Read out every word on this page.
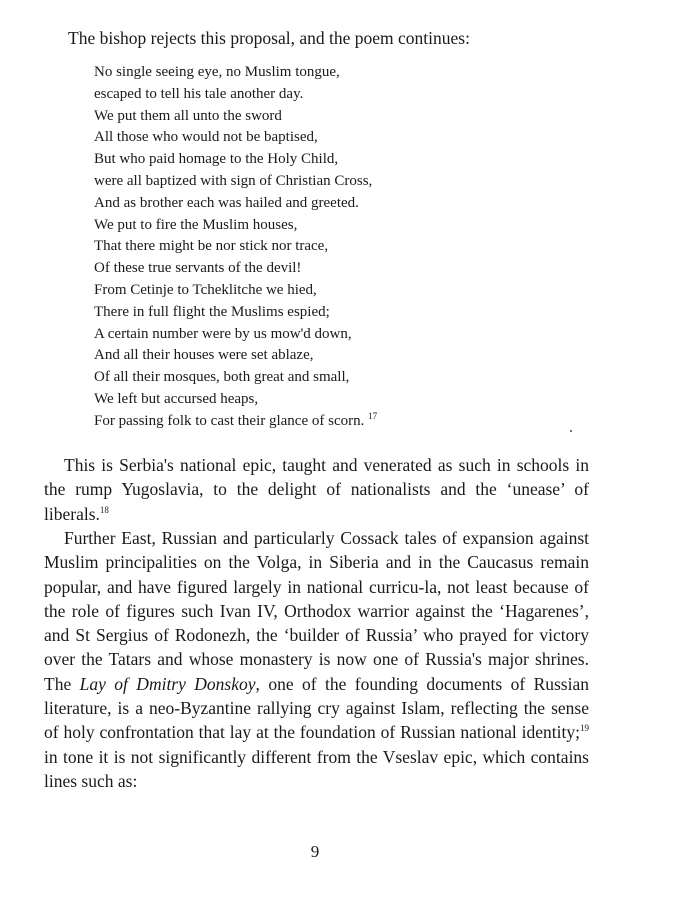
The bishop rejects this proposal, and the poem continues:
No single seeing eye, no Muslim tongue,
escaped to tell his tale another day.
We put them all unto the sword
All those who would not be baptised,
But who paid homage to the Holy Child,
were all baptized with sign of Christian Cross,
And as brother each was hailed and greeted.
We put to fire the Muslim houses,
That there might be nor stick nor trace,
Of these true servants of the devil!
From Cetinje to Tcheklitche we hied,
There in full flight the Muslims espied;
A certain number were by us mow'd down,
And all their houses were set ablaze,
Of all their mosques, both great and small,
We left but accursed heaps,
For passing folk to cast their glance of scorn. $^{17}$

This is Serbia's national epic, taught and venerated as such in schools in the rump Yugoslavia, to the delight of nationalists and the ‘unease’ of liberals.$^{18}$

Further East, Russian and particularly Cossack tales of expansion against Muslim principalities on the Volga, in Siberia and in the Caucasus remain popular, and have figured largely in national curricu-la, not least because of the role of figures such Ivan IV, Orthodox warrior against the ‘Hagarenes’, and St Sergius of Rodonezh, the ‘builder of Russia’ who prayed for victory over the Tatars and whose monastery is now one of Russia's major shrines. The Lay of Dmitry Donskoy, one of the founding documents of Russian literature, is a neo-Byzantine rallying cry against Islam, reflecting the sense of holy confrontation that lay at the foundation of Russian national identity;$^{19}$ in tone it is not significantly different from the Vseslav epic, which contains lines such as:

9
